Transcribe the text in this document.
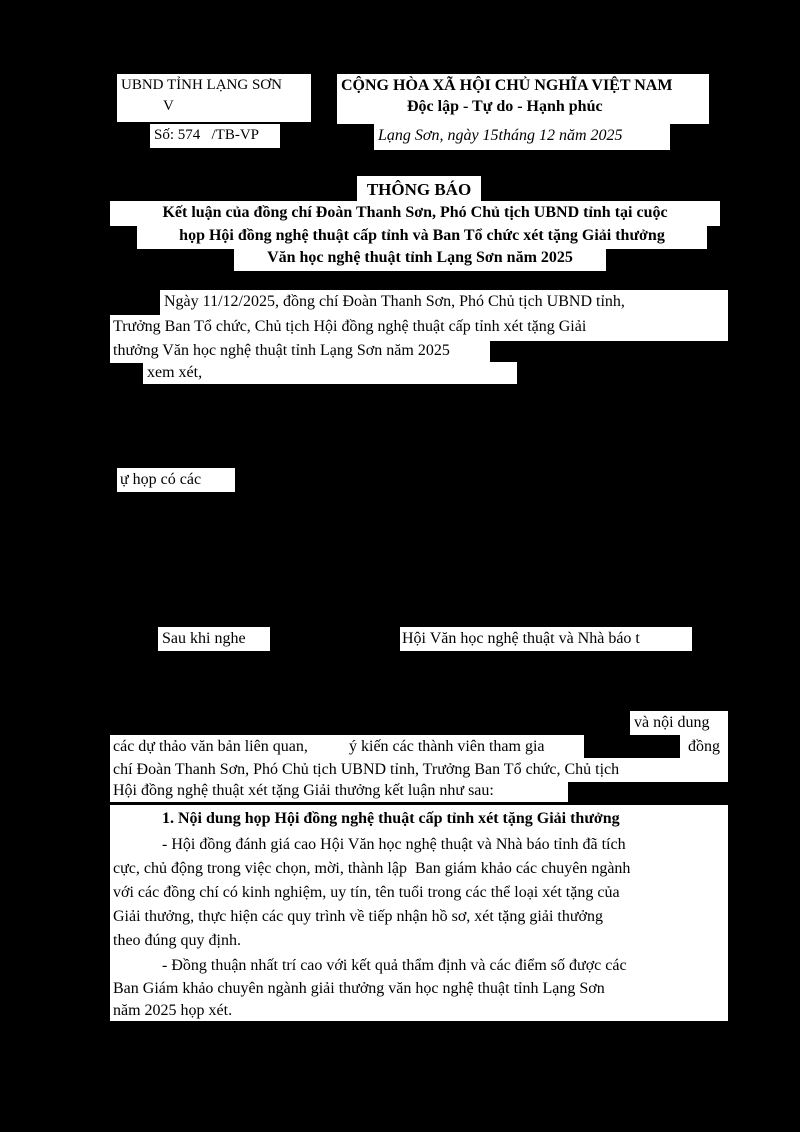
UBND TỈNH LẠNG SƠN
V
Số: 574   /TB-VP
CỘNG HÒA XÃ HỘI CHỦ NGHĨA VIỆT NAM
Độc lập - Tự do - Hạnh phúc
Lạng Sơn, ngày 15tháng 12 năm 2025
THÔNG BÁO
Kết luận của đồng chí Đoàn Thanh Sơn, Phó Chủ tịch UBND tỉnh tại cuộc
họp Hội đồng nghệ thuật cấp tỉnh và Ban Tổ chức xét tặng Giải thưởng
Văn học nghệ thuật tỉnh Lạng Sơn năm 2025
Ngày 11/12/2025, đồng chí Đoàn Thanh Sơn, Phó Chủ tịch UBND tỉnh,
Trưởng Ban Tổ chức, Chủ tịch Hội đồng nghệ thuật cấp tỉnh xét tặng Giải
thưởng Văn học nghệ thuật tỉnh Lạng Sơn năm 2025
xem xét,
ự họp có các
Sau khi nghe	Hội Văn học nghệ thuật và Nhà báo t
và nội dung
các dự thảo văn bản liên quan,	ý kiến các thành viên tham gia	đồng
chí Đoàn Thanh Sơn, Phó Chủ tịch UBND tỉnh, Trưởng Ban Tổ chức, Chủ tịch
Hội đồng nghệ thuật xét tặng Giải thưởng kết luận như sau:
1. Nội dung họp Hội đồng nghệ thuật cấp tỉnh xét tặng Giải thưởng
- Hội đồng đánh giá cao Hội Văn học nghệ thuật và Nhà báo tỉnh đã tích
cực, chủ động trong việc chọn, mời, thành lập  Ban giám khảo các chuyên ngành
với các đồng chí có kinh nghiệm, uy tín, tên tuổi trong các thể loại xét tặng của
Giải thưởng, thực hiện các quy trình về tiếp nhận hồ sơ, xét tặng giải thưởng
theo đúng quy định.
- Đồng thuận nhất trí cao với kết quả thẩm định và các điểm số được các
Ban Giám khảo chuyên ngành giải thưởng văn học nghệ thuật tỉnh Lạng Sơn
năm 2025 họp xét.
